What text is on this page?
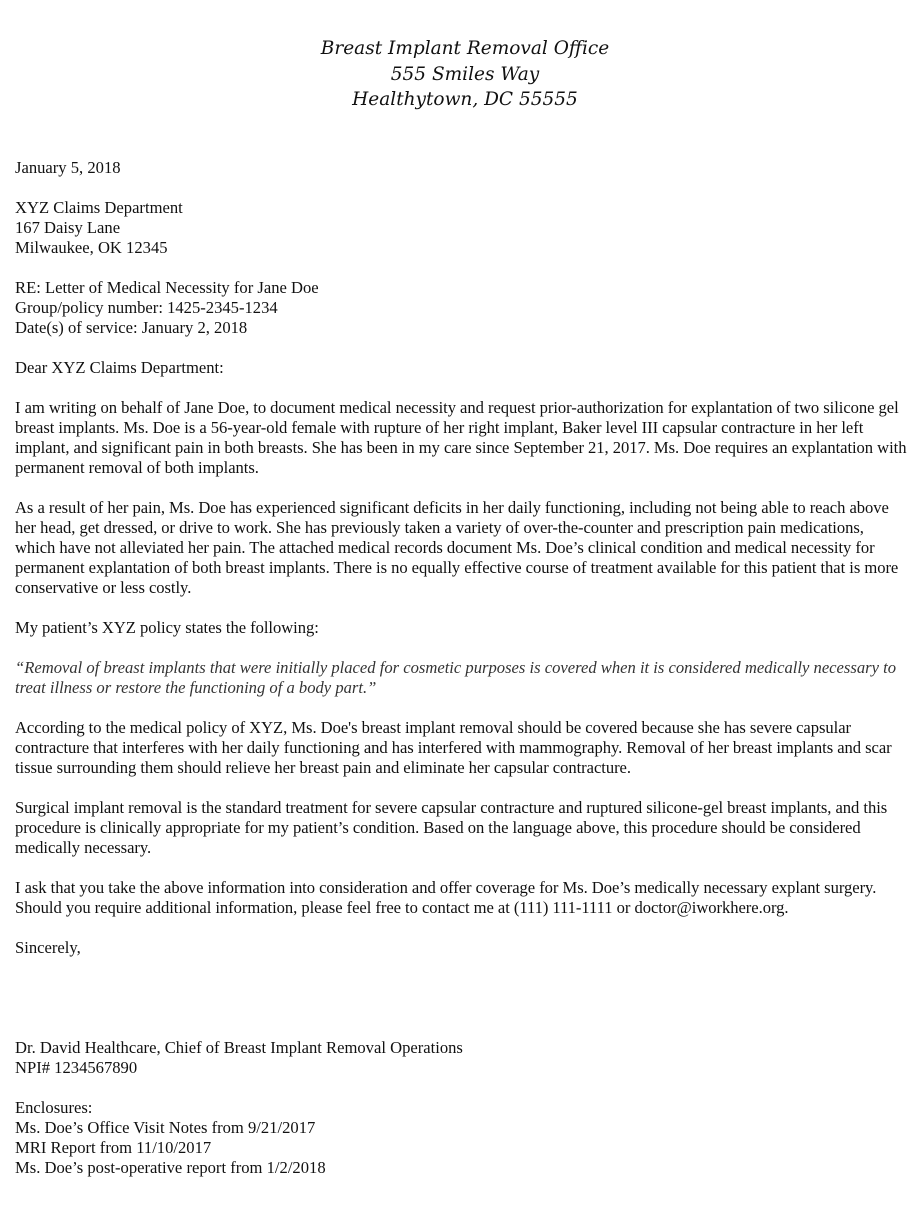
Breast Implant Removal Office
555 Smiles Way
Healthytown, DC 55555
January 5, 2018
XYZ Claims Department
167 Daisy Lane
Milwaukee, OK 12345
RE: Letter of Medical Necessity for Jane Doe
Group/policy number: 1425-2345-1234
Date(s) of service: January 2, 2018
Dear XYZ Claims Department:

I am writing on behalf of Jane Doe, to document medical necessity and request prior-authorization for explantation of two silicone gel breast implants. Ms. Doe is a 56-year-old female with rupture of her right implant, Baker level III capsular contracture in her left implant, and significant pain in both breasts. She has been in my care since September 21, 2017. Ms. Doe requires an explantation with permanent removal of both implants.

As a result of her pain, Ms. Doe has experienced significant deficits in her daily functioning, including not being able to reach above her head, get dressed, or drive to work. She has previously taken a variety of over-the-counter and prescription pain medications, which have not alleviated her pain. The attached medical records document Ms. Doe’s clinical condition and medical necessity for permanent explantation of both breast implants. There is no equally effective course of treatment available for this patient that is more conservative or less costly.

My patient’s XYZ policy states the following:

“Removal of breast implants that were initially placed for cosmetic purposes is covered when it is considered medically necessary to treat illness or restore the functioning of a body part.”

According to the medical policy of XYZ, Ms. Doe's breast implant removal should be covered because she has severe capsular contracture that interferes with her daily functioning and has interfered with mammography. Removal of her breast implants and scar tissue surrounding them should relieve her breast pain and eliminate her capsular contracture.

Surgical implant removal is the standard treatment for severe capsular contracture and ruptured silicone-gel breast implants, and this procedure is clinically appropriate for my patient’s condition. Based on the language above, this procedure should be considered medically necessary.

I ask that you take the above information into consideration and offer coverage for Ms. Doe’s medically necessary explant surgery. Should you require additional information, please feel free to contact me at (111) 111-1111 or doctor@iworkhere.org.

Sincerely,
Dr. David Healthcare, Chief of Breast Implant Removal Operations
NPI# 1234567890
Enclosures:
Ms. Doe’s Office Visit Notes from 9/21/2017
MRI Report from 11/10/2017
Ms. Doe’s post-operative report from 1/2/2018
